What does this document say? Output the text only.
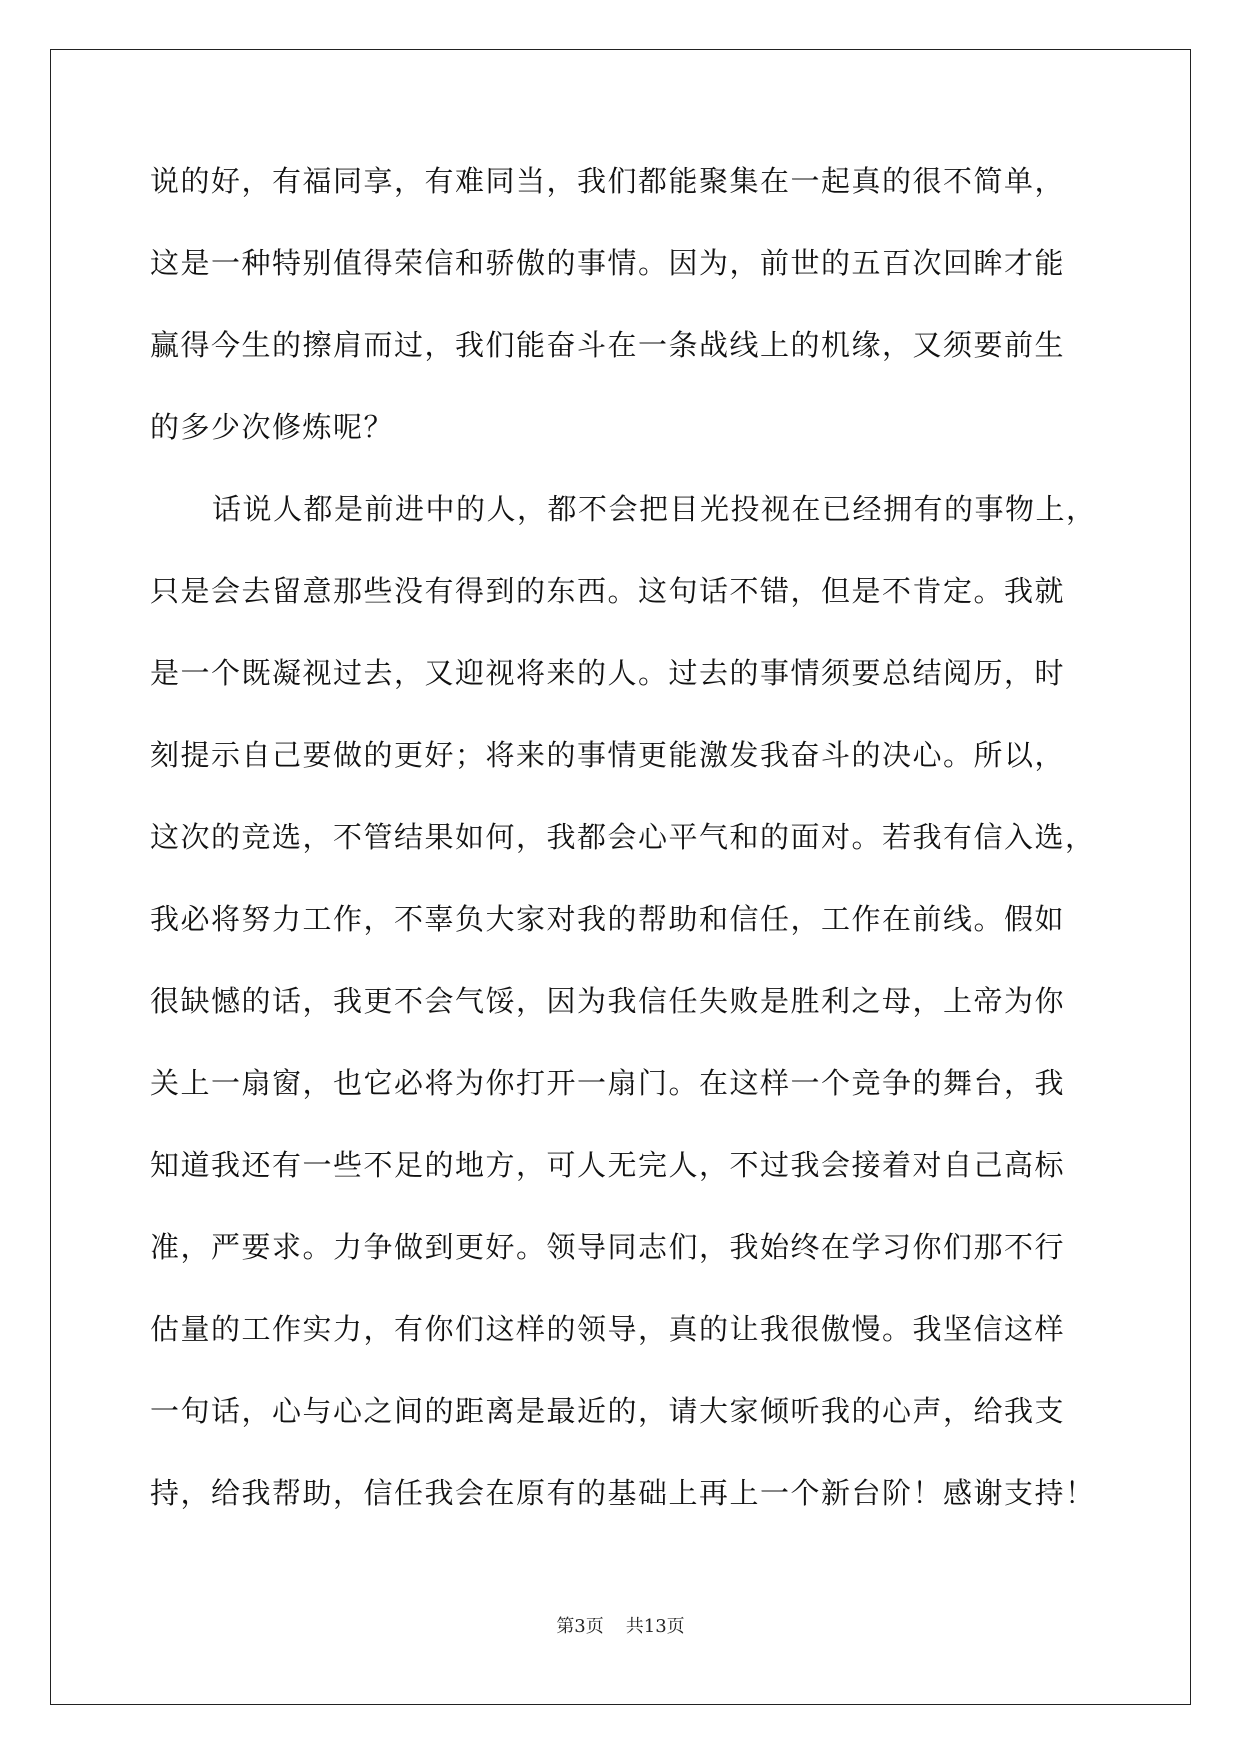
说的好，有福同享，有难同当，我们都能聚集在一起真的很不简单，
这是一种特别值得荣信和骄傲的事情。因为，前世的五百次回眸才能
赢得今生的擦肩而过，我们能奋斗在一条战线上的机缘，又须要前生
的多少次修炼呢？
话说人都是前进中的人，都不会把目光投视在已经拥有的事物上，
只是会去留意那些没有得到的东西。这句话不错，但是不肯定。我就
是一个既凝视过去，又迎视将来的人。过去的事情须要总结阅历，时
刻提示自己要做的更好；将来的事情更能激发我奋斗的决心。所以，
这次的竞选，不管结果如何，我都会心平气和的面对。若我有信入选，
我必将努力工作，不辜负大家对我的帮助和信任，工作在前线。假如
很缺憾的话，我更不会气馁，因为我信任失败是胜利之母，上帝为你
关上一扇窗，也它必将为你打开一扇门。在这样一个竞争的舞台，我
知道我还有一些不足的地方，可人无完人，不过我会接着对自己高标
准，严要求。力争做到更好。领导同志们，我始终在学习你们那不行
估量的工作实力，有你们这样的领导，真的让我很傲慢。我坚信这样
一句话，心与心之间的距离是最近的，请大家倾听我的心声，给我支
持，给我帮助，信任我会在原有的基础上再上一个新台阶！感谢支持！
第3页 共13页
